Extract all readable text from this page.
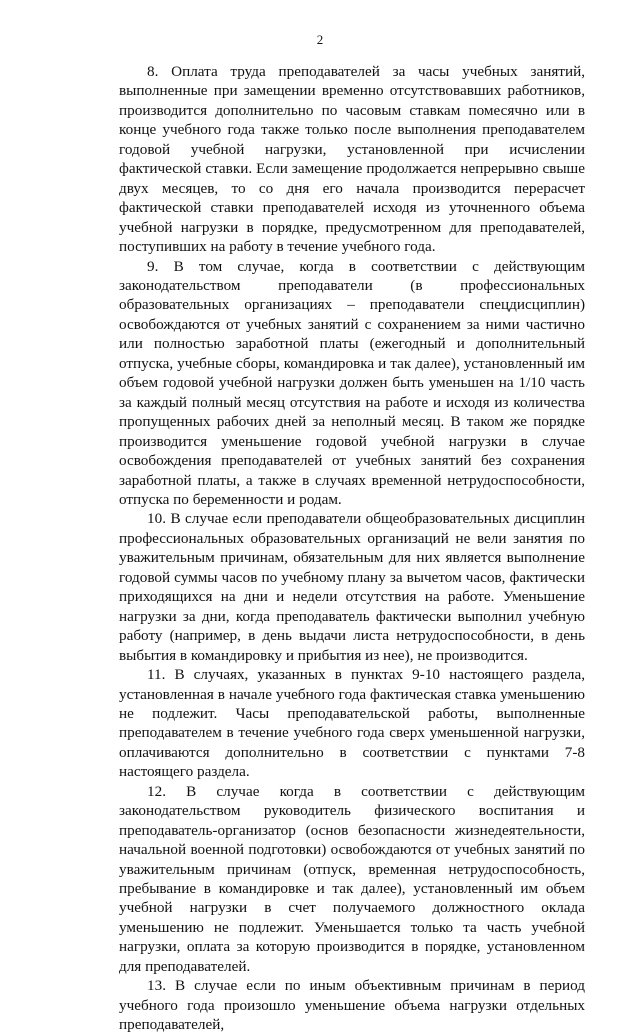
2

8. Оплата труда преподавателей за часы учебных занятий, выполненные при замещении временно отсутствовавших работников, производится дополнительно по часовым ставкам помесячно или в конце учебного года также только после выполнения преподавателем годовой учебной нагрузки, установленной при исчислении фактической ставки. Если замещение продолжается непрерывно свыше двух месяцев, то со дня его начала производится перерасчет фактической ставки преподавателей исходя из уточненного объема учебной нагрузки в порядке, предусмотренном для преподавателей, поступивших на работу в течение учебного года.

9. В том случае, когда в соответствии с действующим законодательством преподаватели (в профессиональных образовательных организациях – преподаватели спецдисциплин) освобождаются от учебных занятий с сохранением за ними частично или полностью заработной платы (ежегодный и дополнительный отпуска, учебные сборы, командировка и так далее), установленный им объем годовой учебной нагрузки должен быть уменьшен на 1/10 часть за каждый полный месяц отсутствия на работе и исходя из количества пропущенных рабочих дней за неполный месяц. В таком же порядке производится уменьшение годовой учебной нагрузки в случае освобождения преподавателей от учебных занятий без сохранения заработной платы, а также в случаях временной нетрудоспособности, отпуска по беременности и родам.

10. В случае если преподаватели общеобразовательных дисциплин профессиональных образовательных организаций не вели занятия по уважительным причинам, обязательным для них является выполнение годовой суммы часов по учебному плану за вычетом часов, фактически приходящихся на дни и недели отсутствия на работе. Уменьшение нагрузки за дни, когда преподаватель фактически выполнил учебную работу (например, в день выдачи листа нетрудоспособности, в день выбытия в командировку и прибытия из нее), не производится.

11. В случаях, указанных в пунктах 9-10 настоящего раздела, установленная в начале учебного года фактическая ставка уменьшению не подлежит. Часы преподавательской работы, выполненные преподавателем в течение учебного года сверх уменьшенной нагрузки, оплачиваются дополнительно в соответствии с пунктами 7-8 настоящего раздела.

12. В случае когда в соответствии с действующим законодательством руководитель физического воспитания и преподаватель-организатор (основ безопасности жизнедеятельности, начальной военной подготовки) освобождаются от учебных занятий по уважительным причинам (отпуск, временная нетрудоспособность, пребывание в командировке и так далее), установленный им объем учебной нагрузки в счет получаемого должностного оклада уменьшению не подлежит. Уменьшается только та часть учебной нагрузки, оплата за которую производится в порядке, установленном для преподавателей.

13. В случае если по иным объективным причинам в период учебного года произошло уменьшение объема нагрузки отдельных преподавателей,
